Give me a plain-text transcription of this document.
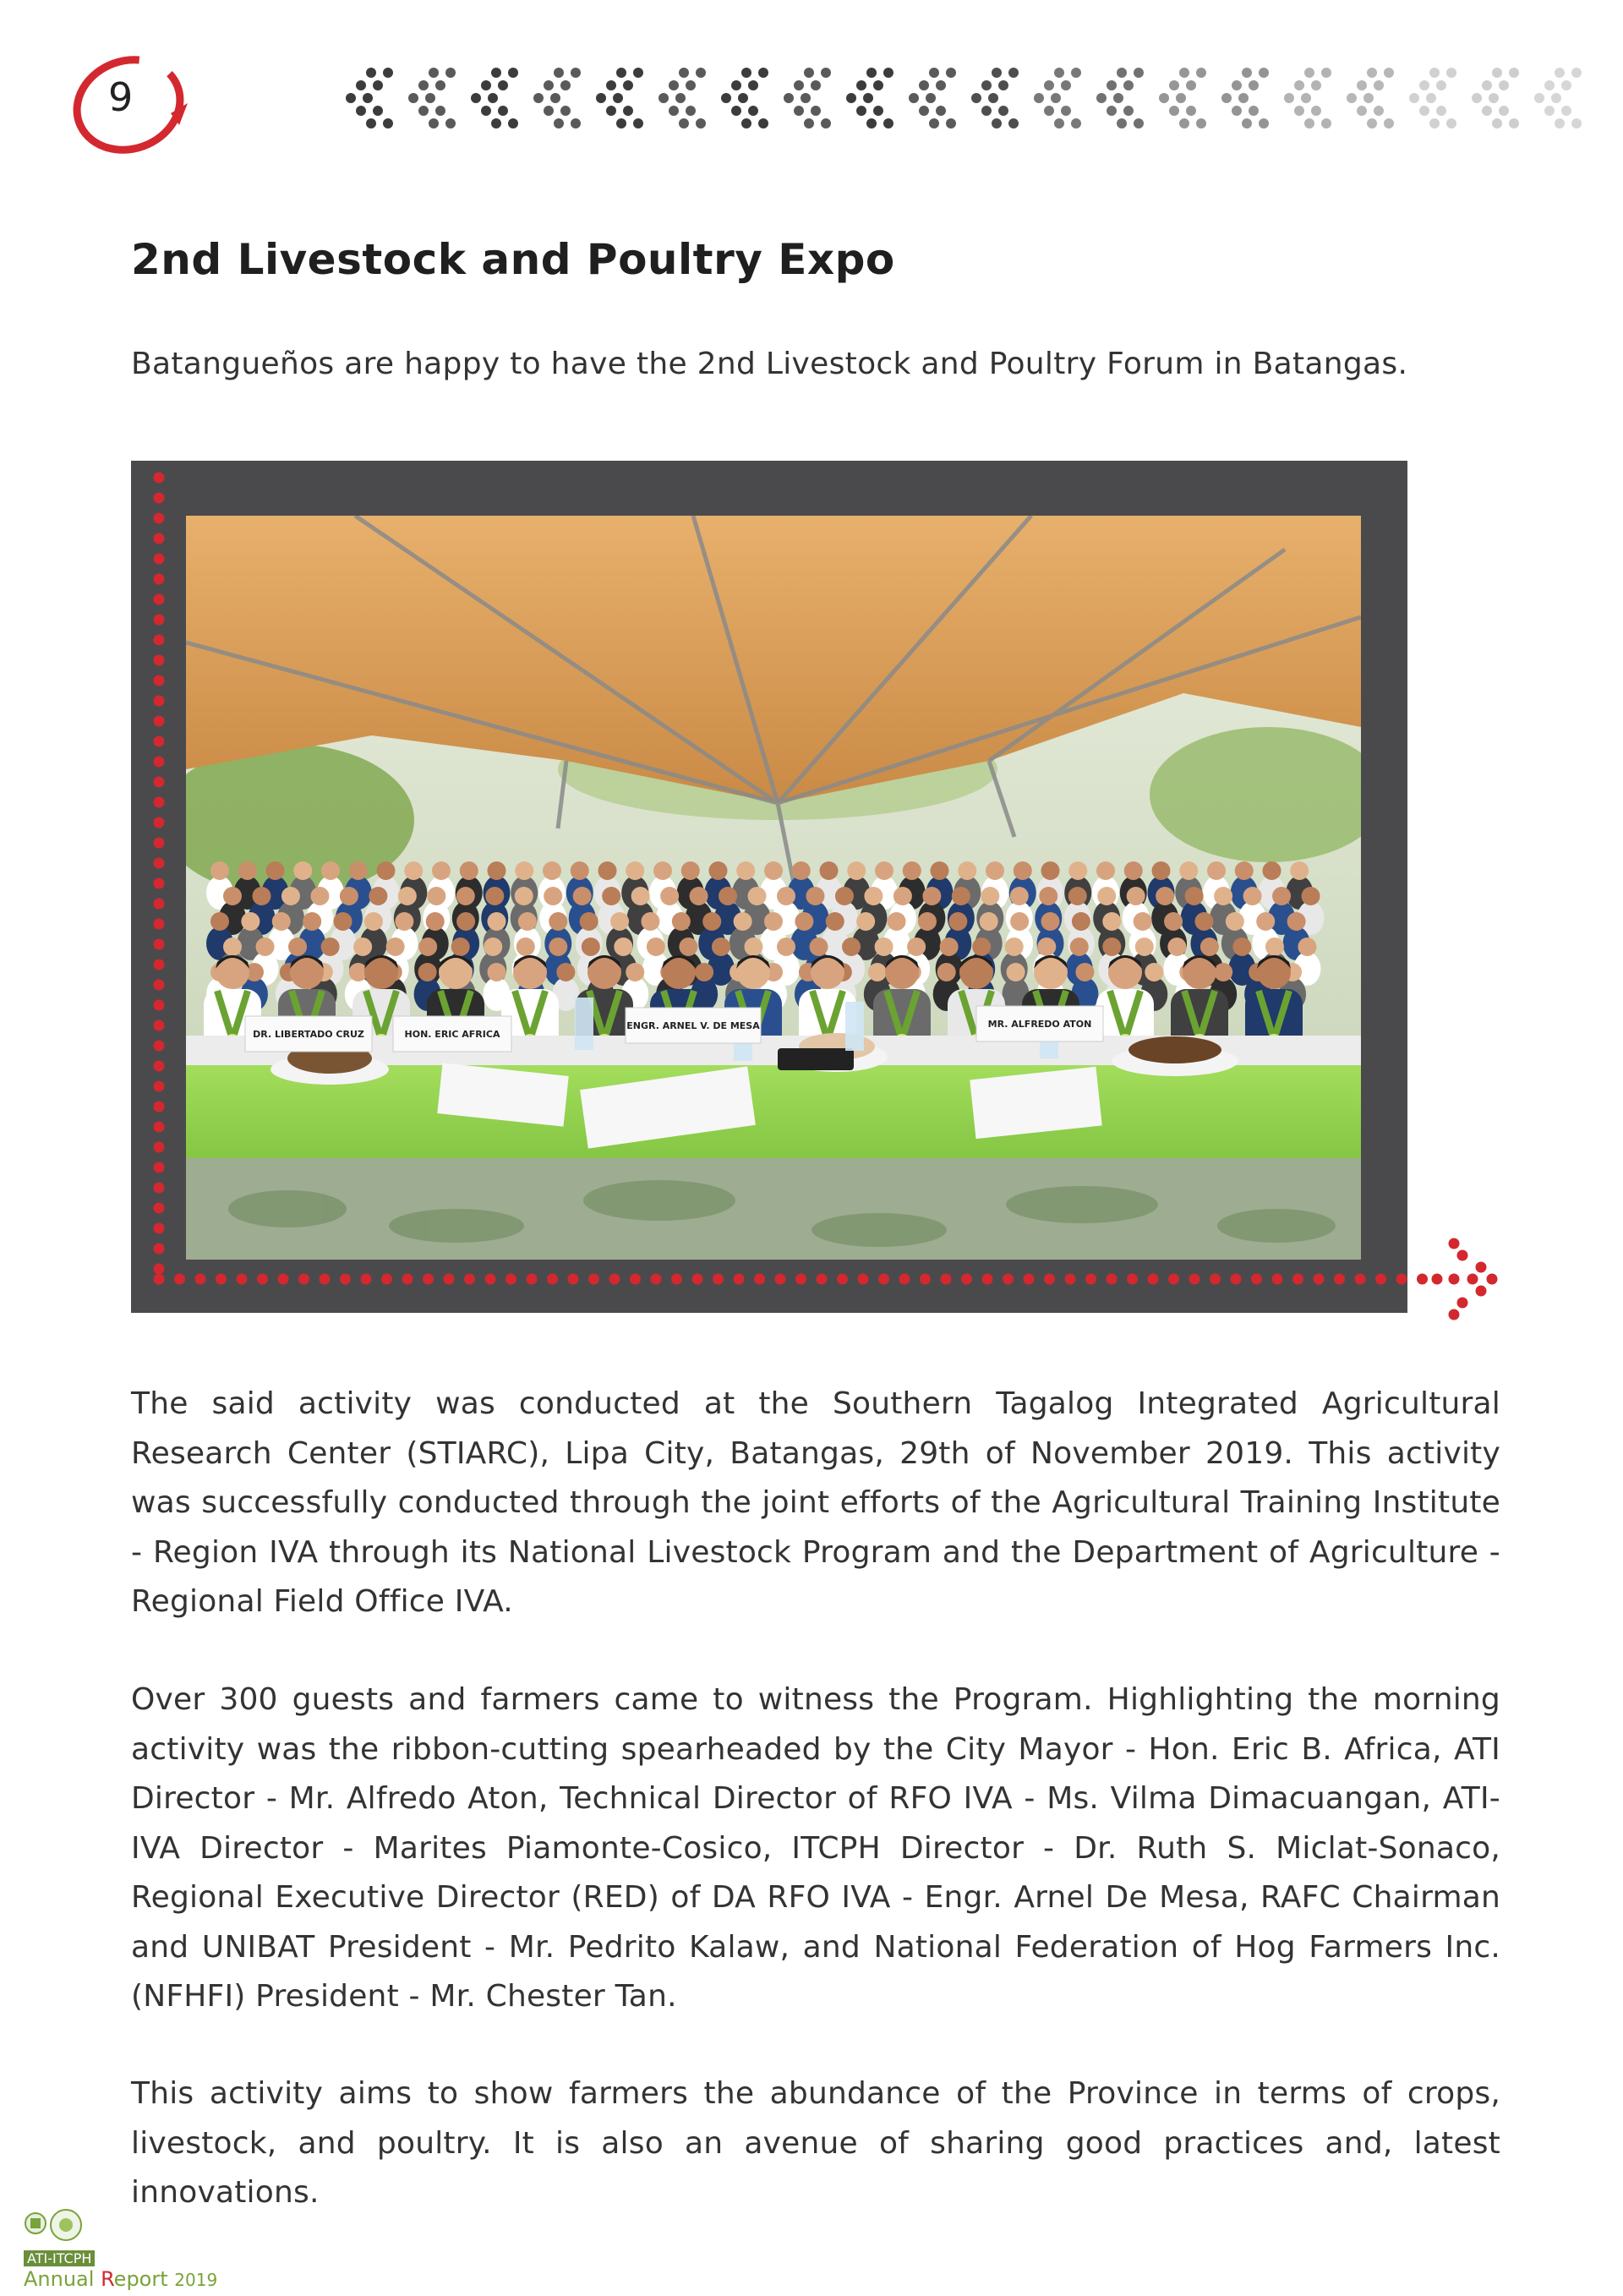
9
2nd Livestock and Poultry Expo

Batangueños are happy to have the 2nd Livestock and Poultry Forum in Batangas.

DR. LIBERTADO CRUZ	HON. ERIC AFRICA
ENGR. ARNEL V. DE MESA	MR. ALFREDO ATON

The said activity was conducted at the Southern Tagalog Integrated Agricultural Research Center (STIARC), Lipa City, Batangas, 29th of November 2019. This activity was successfully conducted through the joint efforts of the Agricultural Training Institute - Region IVA through its National Livestock Program and the Department of Agriculture - Regional Field Office IVA.

Over 300 guests and farmers came to witness the Program. Highlighting the morning activity was the ribbon-cutting spearheaded by the City Mayor - Hon. Eric B. Africa, ATI Director - Mr. Alfredo Aton, Technical Director of RFO IVA - Ms. Vilma Dimacuangan, ATI-IVA Director - Marites Piamonte-Cosico, ITCPH Director - Dr. Ruth S. Miclat-Sonaco, Regional Executive Director (RED) of DA RFO IVA - Engr. Arnel De Mesa, RAFC Chairman and UNIBAT President - Mr. Pedrito Kalaw, and National Federation of Hog Farmers Inc. (NFHFI) President - Mr. Chester Tan.

This activity aims to show farmers the abundance of the Province in terms of crops, livestock, and poultry. It is also an avenue of sharing good practices and, latest innovations.

ATI-ITCPH
Annual Report 2019
